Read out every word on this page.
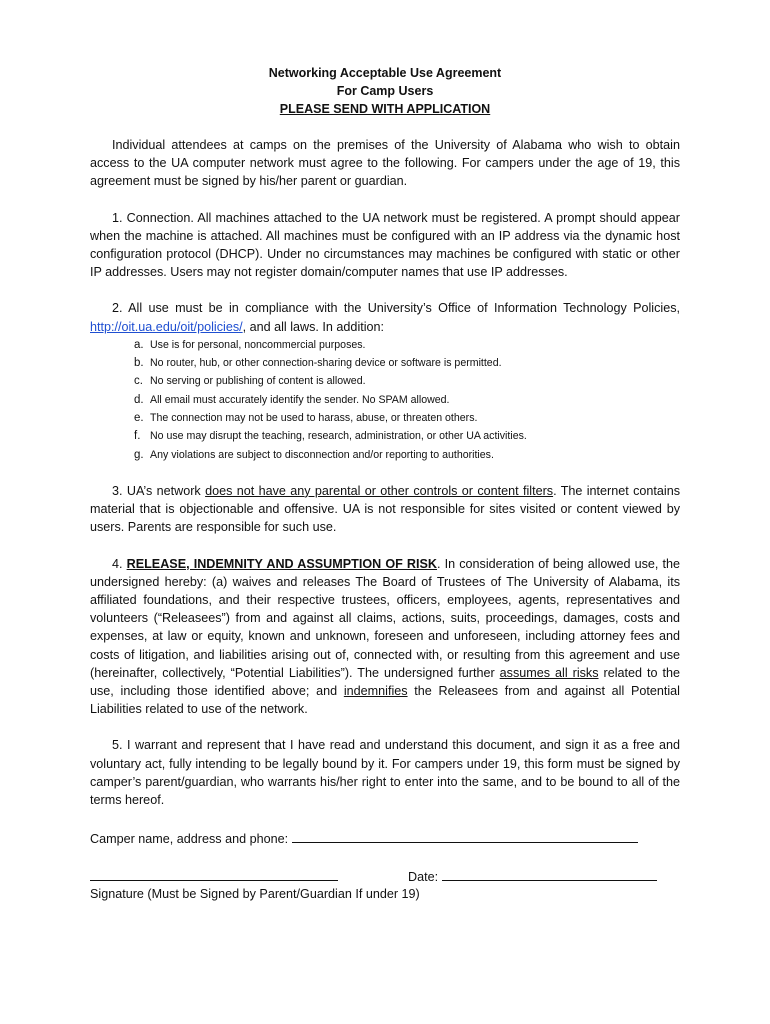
Networking Acceptable Use Agreement
For Camp Users
PLEASE SEND WITH APPLICATION

Individual attendees at camps on the premises of the University of Alabama who wish to obtain access to the UA computer network must agree to the following. For campers under the age of 19, this agreement must be signed by his/her parent or guardian.

1. Connection. All machines attached to the UA network must be registered. A prompt should appear when the machine is attached. All machines must be configured with an IP address via the dynamic host configuration protocol (DHCP). Under no circumstances may machines be configured with static or other IP addresses. Users may not register domain/computer names that use IP addresses.

2. All use must be in compliance with the University’s Office of Information Technology Policies, http://oit.ua.edu/oit/policies/, and all laws. In addition:

a. Use is for personal, noncommercial purposes.
b. No router, hub, or other connection-sharing device or software is permitted.
c. No serving or publishing of content is allowed.
d. All email must accurately identify the sender. No SPAM allowed.
e. The connection may not be used to harass, abuse, or threaten others.
f. No use may disrupt the teaching, research, administration, or other UA activities.
g. Any violations are subject to disconnection and/or reporting to authorities.

3. UA’s network does not have any parental or other controls or content filters. The internet contains material that is objectionable and offensive. UA is not responsible for sites visited or content viewed by users. Parents are responsible for such use.

4. RELEASE, INDEMNITY AND ASSUMPTION OF RISK. In consideration of being allowed use, the undersigned hereby: (a) waives and releases The Board of Trustees of The University of Alabama, its affiliated foundations, and their respective trustees, officers, employees, agents, representatives and volunteers (“Releasees”) from and against all claims, actions, suits, proceedings, damages, costs and expenses, at law or equity, known and unknown, foreseen and unforeseen, including attorney fees and costs of litigation, and liabilities arising out of, connected with, or resulting from this agreement and use (hereinafter, collectively, “Potential Liabilities”). The undersigned further assumes all risks related to the use, including those identified above; and indemnifies the Releasees from and against all Potential Liabilities related to use of the network.

5. I warrant and represent that I have read and understand this document, and sign it as a free and voluntary act, fully intending to be legally bound by it. For campers under 19, this form must be signed by camper’s parent/guardian, who warrants his/her right to enter into the same, and to be bound to all of the terms hereof.

Camper name, address and phone:
Date:
Signature (Must be Signed by Parent/Guardian If under 19)
